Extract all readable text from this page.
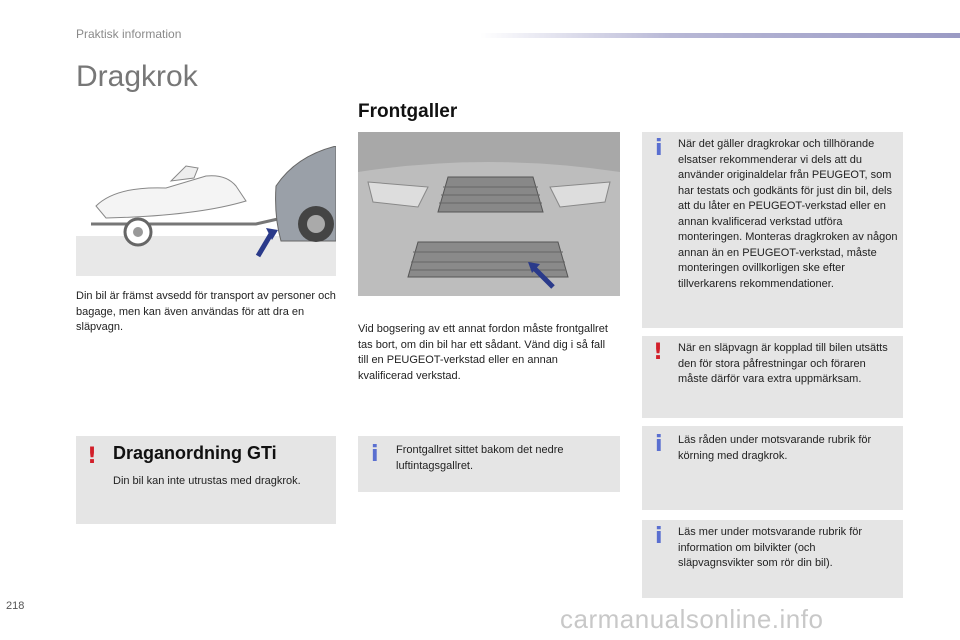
Praktisk information
Dragkrok
Frontgaller

Din bil är främst avsedd för transport av personer och bagage, men kan även användas för att dra en släpvagn.	Vid bogsering av ett annat fordon måste frontgallret tas bort, om din bil har ett sådant. Vänd dig i så fall till en PEUGEOT-verkstad eller en annan kvalificerad verkstad.

! Draganordning GTi
Din bil kan inte utrustas med dragkrok.
i Frontgallret sittet bakom det nedre luftintagsgallret.
i När det gäller dragkrokar och tillhörande elsatser rekommenderar vi dels att du använder originaldelar från PEUGEOT, som har testats och godkänts för just din bil, dels att du låter en PEUGEOT-verkstad eller en annan kvalificerad verkstad utföra monteringen. Monteras dragkroken av någon annan än en PEUGEOT-verkstad, måste monteringen ovillkorligen ske efter tillverkarens rekommendationer.
! När en släpvagn är kopplad till bilen utsätts den för stora påfrestningar och föraren måste därför vara extra uppmärksam.
i Läs råden under motsvarande rubrik för körning med dragkrok.
i Läs mer under motsvarande rubrik för information om bilvikter (och släpvagnsvikter som rör din bil).
218	carmanualsonline.info
